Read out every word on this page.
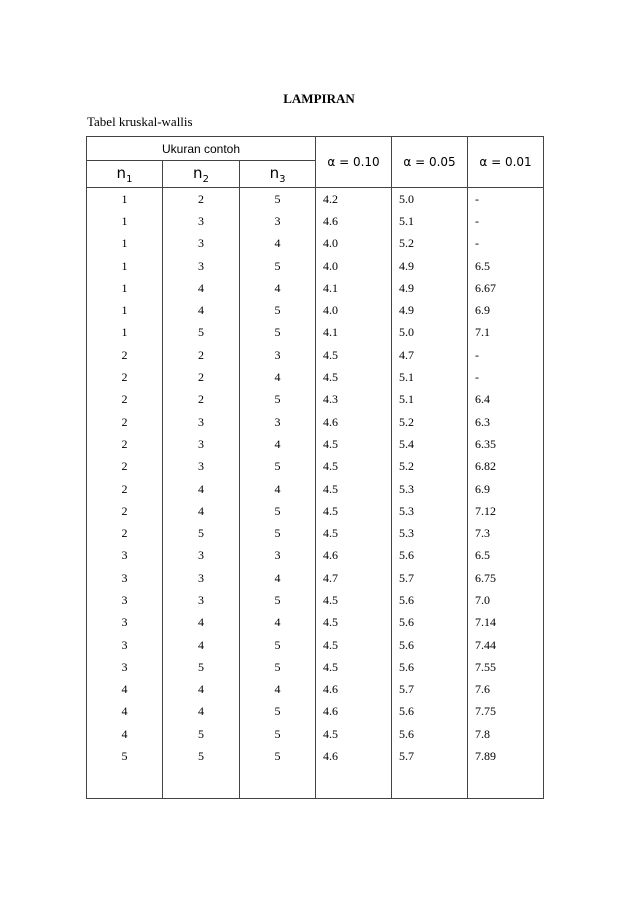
LAMPIRAN
Tabel kruskal-wallis
Ukuran contoh			α = 0.10	α = 0.05	α = 0.01
$n_1$	$n_2$	$n_3$
1	2	5	4.2	5.0	-
1	3	3	4.6	5.1	-
1	3	4	4.0	5.2	-
1	3	5	4.0	4.9	6.5
1	4	4	4.1	4.9	6.67
1	4	5	4.0	4.9	6.9
1	5	5	4.1	5.0	7.1
2	2	3	4.5	4.7	-
2	2	4	4.5	5.1	-
2	2	5	4.3	5.1	6.4
2	3	3	4.6	5.2	6.3
2	3	4	4.5	5.4	6.35
2	3	5	4.5	5.2	6.82
2	4	4	4.5	5.3	6.9
2	4	5	4.5	5.3	7.12
2	5	5	4.5	5.3	7.3
3	3	3	4.6	5.6	6.5
3	3	4	4.7	5.7	6.75
3	3	5	4.5	5.6	7.0
3	4	4	4.5	5.6	7.14
3	4	5	4.5	5.6	7.44
3	5	5	4.5	5.6	7.55
4	4	4	4.6	5.7	7.6
4	4	5	4.6	5.6	7.75
4	5	5	4.5	5.6	7.8
5	5	5	4.6	5.7	7.89
